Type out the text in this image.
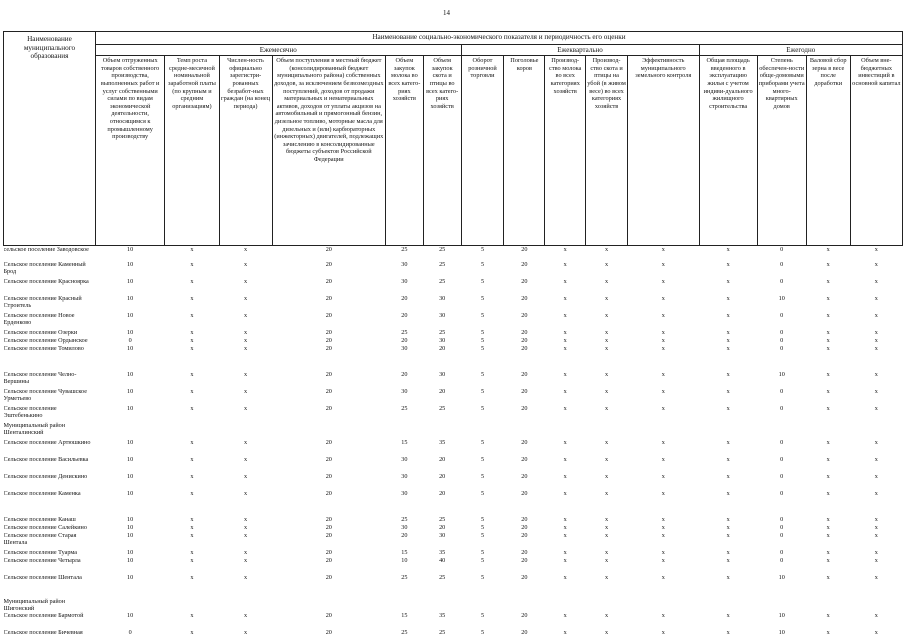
14
Наименование муниципального образования	Наименование социально-экономического показателя и периодичность его оценки														
	Ежемесячно						Ежеквартально					Ежегодно			
	Объем отгруженных товаров собственного производства, выполненных работ и услуг собственными силами по видам экономической деятельности, относящимся к промышленному производству	Темп роста средне-месячной номинальной заработной платы (по крупным и средним организациям)	Числен-ность официально зарегистри-рованных безработ-ных граждан (на конец периода)	Объем поступления в местный бюджет (консолидированный бюджет муниципального района) собственных доходов, за исключением безвозмездных поступлений, доходов от продажи материальных и нематериальных активов, доходов от уплаты акцизов на автомобильный и прямогонный бензин, дизельное топливо, моторные масла для дизельных и (или) карбюраторных (инжекторных) двигателей, подлежащих зачислению в консолидированные бюджеты субъектов Российской Федерации	Объем закупок молока во всех катего-риях хозяйств	Объем закупок скота и птицы во всех катего-риях хозяйств	Оборот розничной торговли	Поголовье коров	Производ-ство молока во всех категориях хозяйств	Производ-ство скота и птицы на убой (в живом весе) во всех категориях хозяйств	Эффективность муниципального земельного контроля	Общая площадь введенного в эксплуатацию жилья с учетом индиви-дуального жилищного строительства	Степень обеспечен-ности обще-домовыми приборами учета много-квартирных домов	Валовой сбор зерна в весе после доработки	Объем вне-бюджетных инвестиций в основной капитал
сельское поселение Заводовское	10	x	x	20	25	25	5	20	x	x	x	x	0	x	x
Сельское поселение Каменный Брод	10	x	x	20	30	25	5	20	x	x	x	x	0	x	x
Сельское поселение Красноярка	10	x	x	20	30	25	5	20	x	x	x	x	0	x	x
Сельское поселение Красный Строитель	10	x	x	20	20	30	5	20	x	x	x	x	10	x	x
Сельское поселение Новое Ерденково	10	x	x	20	20	30	5	20	x	x	x	x	0	x	x
Сельское поселение Озерки	10	x	x	20	25	25	5	20	x	x	x	x	0	x	x
Сельское поселение Ордынское	0	x	x	20	20	30	5	20	x	x	x	x	0	x	x
Сельское поселение Томилово	10	x	x	20	30	20	5	20	x	x	x	x	0	x	x

Сельское поселение Челно-Вершины	10	x	x	20	20	30	5	20	x	x	x	x	10	x	x
Сельское поселение Чувашское Урметьево	10	x	x	20	30	20	5	20	x	x	x	x	0	x	x
Сельское поселение Эштебенькино	10	x	x	20	25	25	5	20	x	x	x	x	0	x	x
Муниципальный район Шенталинский															
Сельское поселение Артюшкино	10	x	x	20	15	35	5	20	x	x	x	x	0	x	x
Сельское поселение Васильевка	10	x	x	20	30	20	5	20	x	x	x	x	0	x	x
Сельское поселение Денискино	10	x	x	20	30	20	5	20	x	x	x	x	0	x	x
Сельское поселение Каменка	10	x	x	20	30	20	5	20	x	x	x	x	0	x	x

Сельское поселение Канаш	10	x	x	20	25	25	5	20	x	x	x	x	0	x	x
Сельское поселение Салейкино	10	x	x	20	30	20	5	20	x	x	x	x	0	x	x
Сельское поселение Старая Шентала	10	x	x	20	20	30	5	20	x	x	x	x	0	x	x
Сельское поселение Туарма	10	x	x	20	15	35	5	20	x	x	x	x	0	x	x
Сельское поселение Четырла	10	x	x	20	10	40	5	20	x	x	x	x	0	x	x

Сельское поселение Шентала	10	x	x	20	25	25	5	20	x	x	x	x	10	x	x

Муниципальный район Шигонский															
Сельское поселение Бармотой	10	x	x	20	15	35	5	20	x	x	x	x	10	x	x
Сельское поселение Бичевная	0	x	x	20	25	25	5	20	x	x	x	x	10	x	x
